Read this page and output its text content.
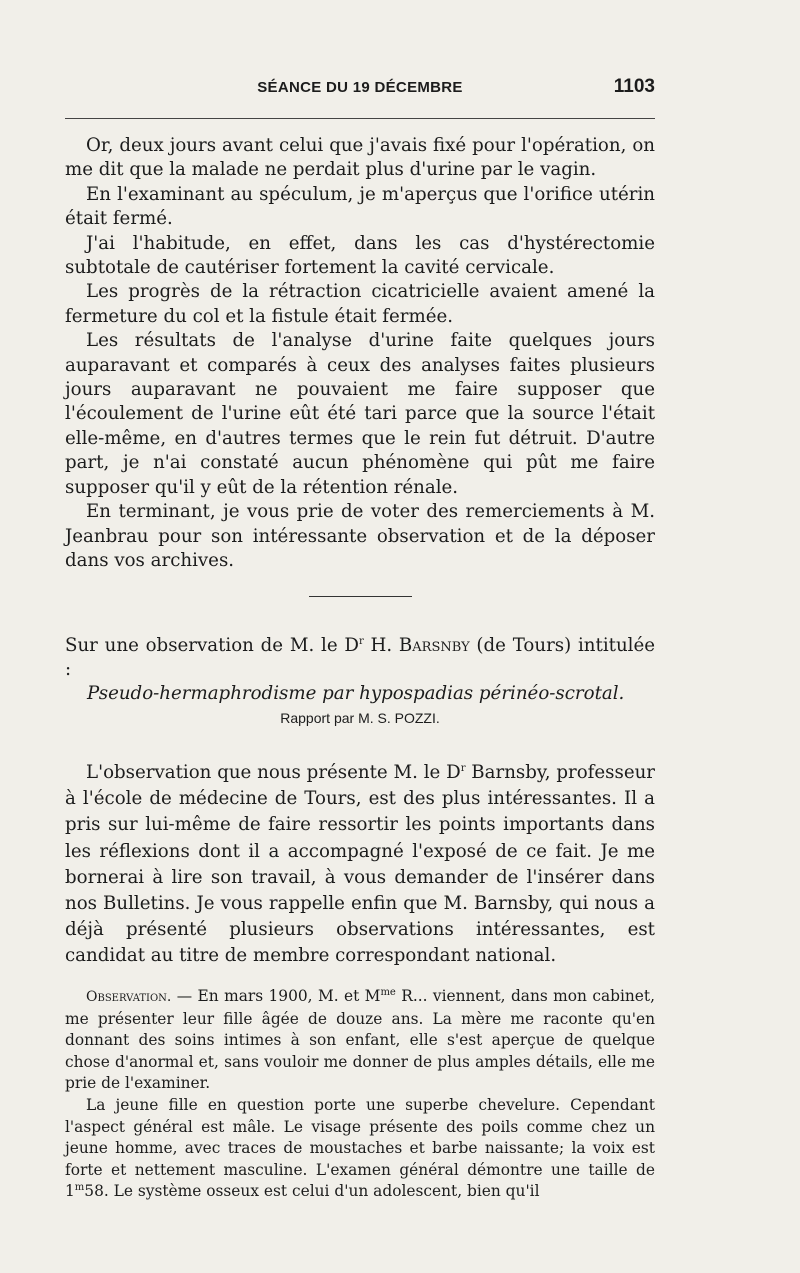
SÉANCE DU 19 DÉCEMBRE	1103

Or, deux jours avant celui que j'avais fixé pour l'opération, on me dit que la malade ne perdait plus d'urine par le vagin.

En l'examinant au spéculum, je m'aperçus que l'orifice utérin était fermé.

J'ai l'habitude, en effet, dans les cas d'hystérectomie subtotale de cautériser fortement la cavité cervicale.

Les progrès de la rétraction cicatricielle avaient amené la fermeture du col et la fistule était fermée.

Les résultats de l'analyse d'urine faite quelques jours auparavant et comparés à ceux des analyses faites plusieurs jours auparavant ne pouvaient me faire supposer que l'écoulement de l'urine eût été tari parce que la source l'était elle-même, en d'autres termes que le rein fut détruit. D'autre part, je n'ai constaté aucun phénomène qui pût me faire supposer qu'il y eût de la rétention rénale.

En terminant, je vous prie de voter des remerciements à M. Jeanbrau pour son intéressante observation et de la déposer dans vos archives.

Sur une observation de M. le $D^r$ H. Barsnby (de Tours) intitulée :
Pseudo-hermaphrodisme par hypospadias périnéo-scrotal.
Rapport par M. S. POZZI.

L'observation que nous présente M. le $D^r$ Barnsby, professeur à l'école de médecine de Tours, est des plus intéressantes. Il a pris sur lui-même de faire ressortir les points importants dans les réflexions dont il a accompagné l'exposé de ce fait. Je me bornerai à lire son travail, à vous demander de l'insérer dans nos Bulletins. Je vous rappelle enfin que M. Barnsby, qui nous a déjà présenté plusieurs observations intéressantes, est candidat au titre de membre correspondant national.

Observation. — En mars 1900, M. et $M^{me}$ R... viennent, dans mon cabinet, me présenter leur fille âgée de douze ans. La mère me raconte qu'en donnant des soins intimes à son enfant, elle s'est aperçue de quelque chose d'anormal et, sans vouloir me donner de plus amples détails, elle me prie de l'examiner.

La jeune fille en question porte une superbe chevelure. Cependant l'aspect général est mâle. Le visage présente des poils comme chez un jeune homme, avec traces de moustaches et barbe naissante; la voix est forte et nettement masculine. L'examen général démontre une taille de 1$^m$58. Le système osseux est celui d'un adolescent, bien qu'il
